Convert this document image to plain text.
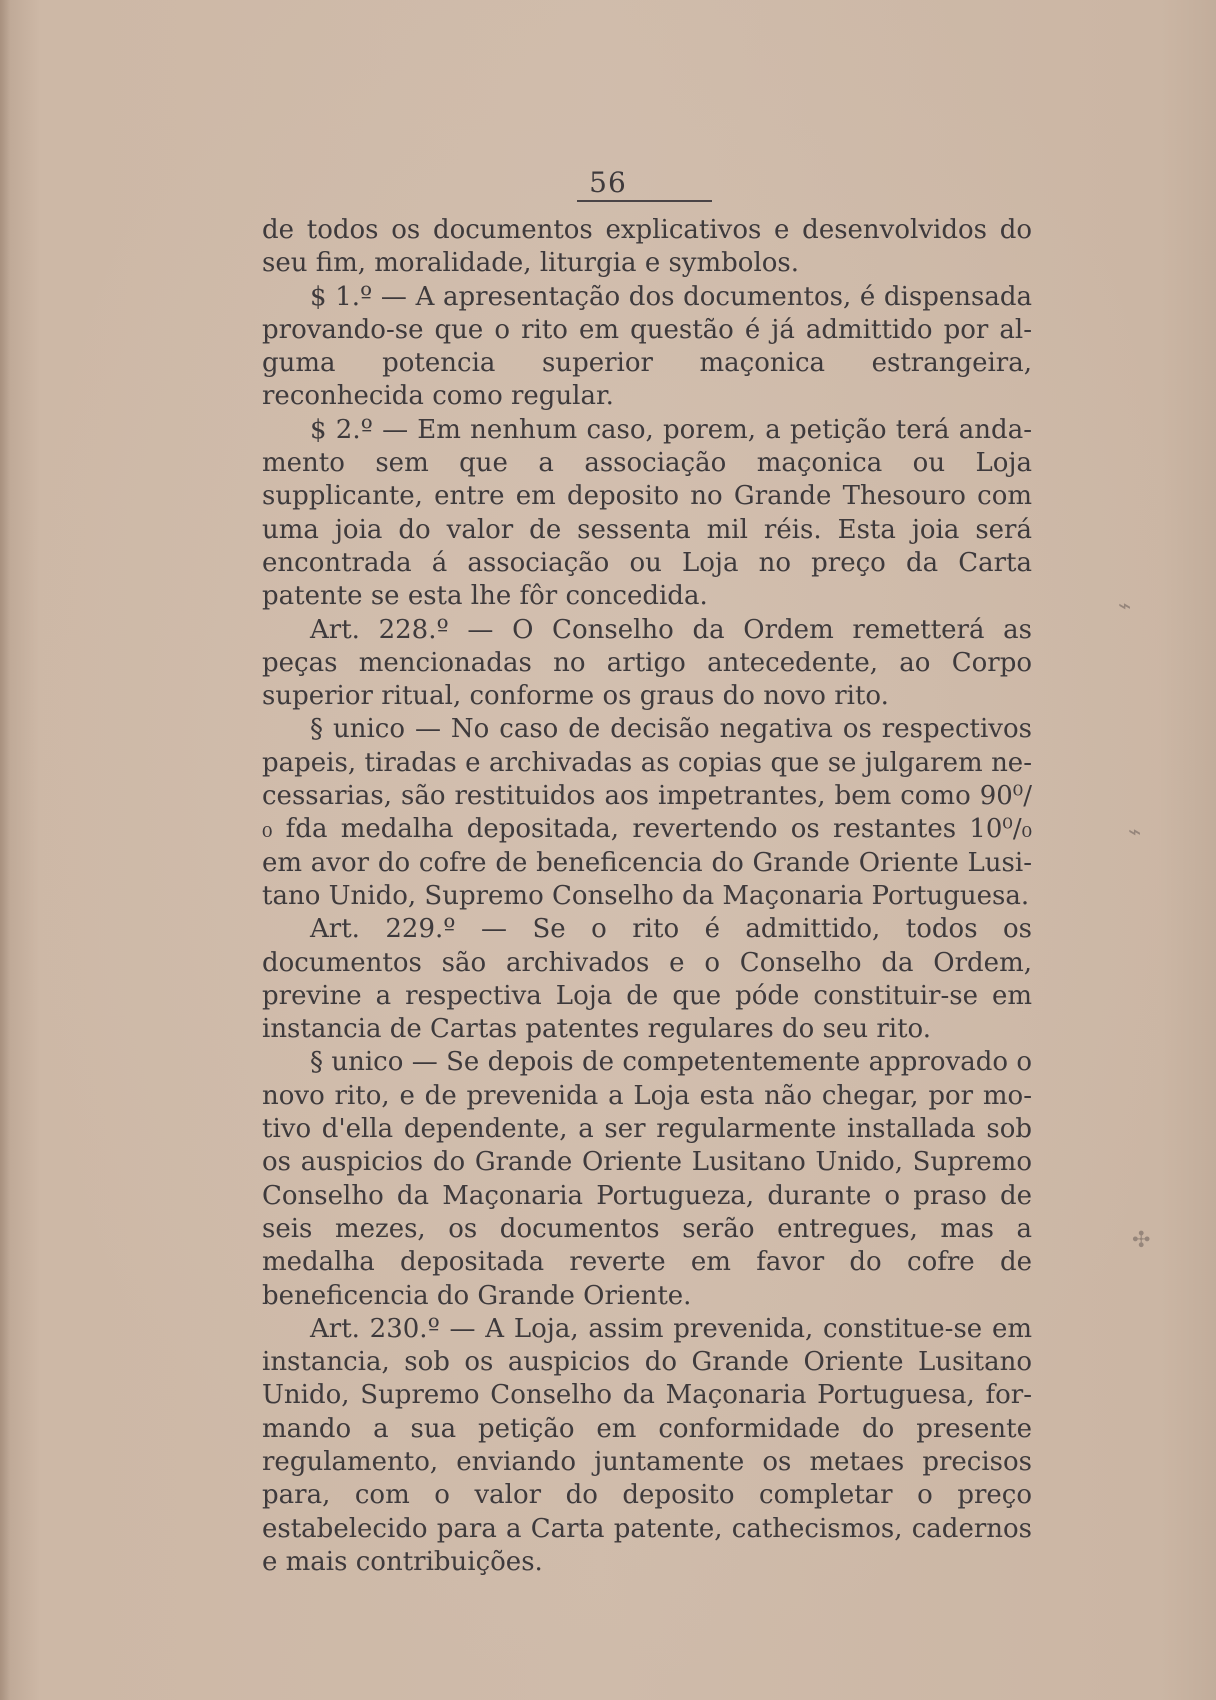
56

de todos os documentos explicativos e desenvolvidos do seu fim, moralidade, liturgia e symbolos.

$ 1.º — A apresentação dos documentos, é dispensada provando-se que o rito em questão é já admittido por alguma potencia superior maçonica estrangeira, reconhecida como regular.

$ 2.º — Em nenhum caso, porem, a petição terá andamento sem que a associação maçonica ou Loja supplicante, entre em deposito no Grande Thesouro com uma joia do valor de sessenta mil réis. Esta joia será encontrada á associação ou Loja no preço da Carta patente se esta lhe fôr concedida.

Art. 228.º — O Conselho da Ordem remetterá as peças mencionadas no artigo antecedente, ao Corpo superior ritual, conforme os graus do novo rito.

§ unico — No caso de decisão negativa os respectivos papeis, tiradas e archivadas as copias que se julgarem necessarias, são restituidos aos impetrantes, bem como 90⁰/₀ fda medalha depositada, revertendo os restantes 10⁰/₀ em avor do cofre de beneficencia do Grande Oriente Lusitano Unido, Supremo Conselho da Maçonaria Portuguesa.

Art. 229.º — Se o rito é admittido, todos os documentos são archivados e o Conselho da Ordem, previne a respectiva Loja de que póde constituir-se em instancia de Cartas patentes regulares do seu rito.

§ unico — Se depois de competentemente approvado o novo rito, e de prevenida a Loja esta não chegar, por motivo d'ella dependente, a ser regularmente installada sob os auspicios do Grande Oriente Lusitano Unido, Supremo Conselho da Maçonaria Portugueza, durante o praso de seis mezes, os documentos serão entregues, mas a medalha depositada reverte em favor do cofre de beneficencia do Grande Oriente.

Art. 230.º — A Loja, assim prevenida, constitue-se em instancia, sob os auspicios do Grande Oriente Lusitano Unido, Supremo Conselho da Maçonaria Portuguesa, formando a sua petição em conformidade do presente regulamento, enviando juntamente os metaes precisos para, com o valor do deposito completar o preço estabelecido para a Carta patente, cathecismos, cadernos e mais contribuições.

⌁
⌁
✣
